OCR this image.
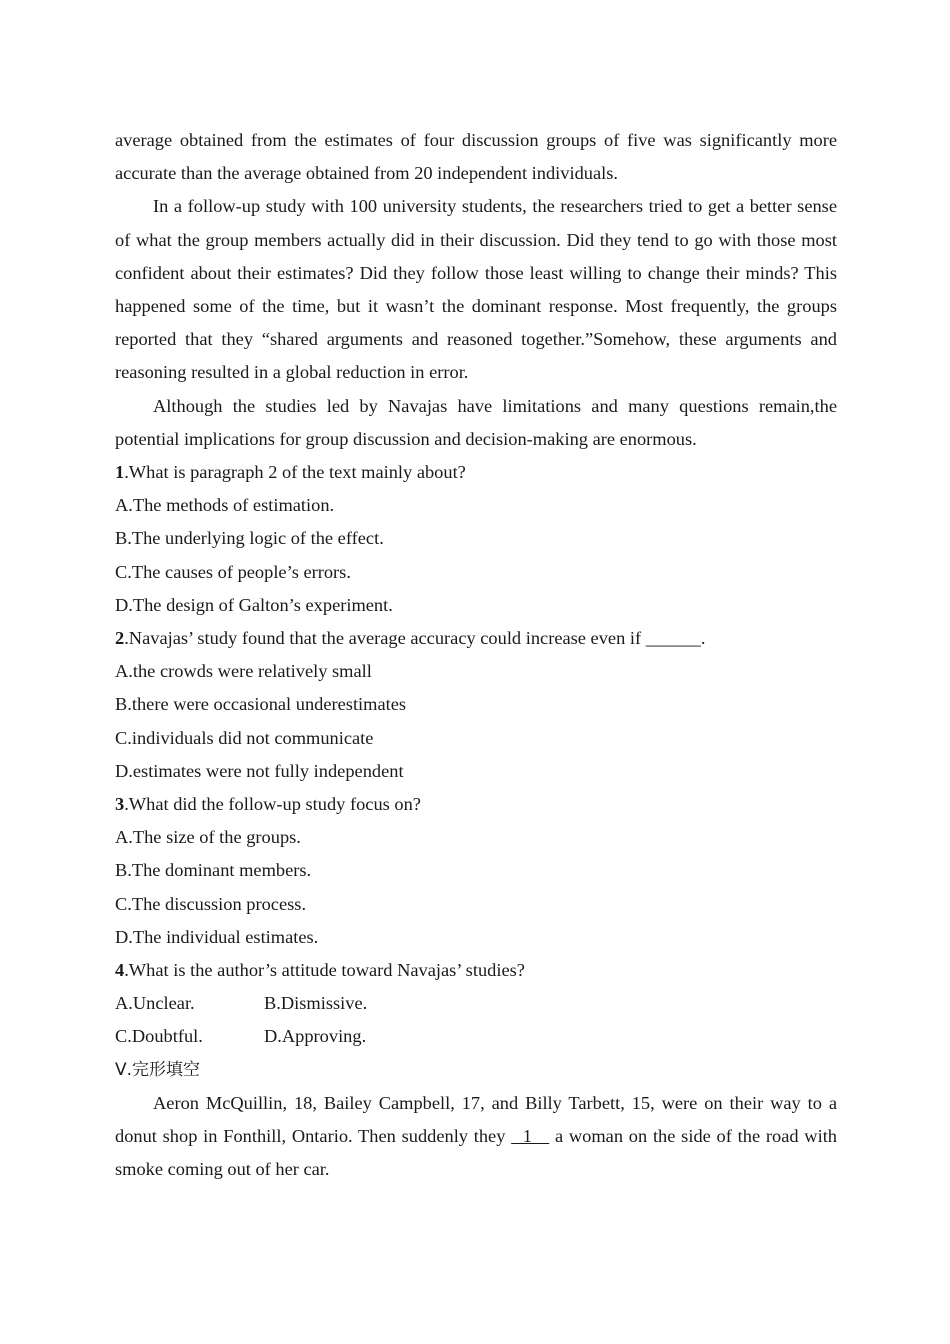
average obtained from the estimates of four discussion groups of five was significantly more accurate than the average obtained from 20 independent individuals.

In a follow-up study with 100 university students, the researchers tried to get a better sense of what the group members actually did in their discussion. Did they tend to go with those most confident about their estimates? Did they follow those least willing to change their minds? This happened some of the time, but it wasn’t the dominant response. Most frequently, the groups reported that they “shared arguments and reasoned together.”Somehow, these arguments and reasoning resulted in a global reduction in error.

Although the studies led by Navajas have limitations and many questions remain,the potential implications for group discussion and decision-making are enormous.

1.What is paragraph 2 of the text mainly about?

A.The methods of estimation.

B.The underlying logic of the effect.

C.The causes of people’s errors.

D.The design of Galton’s experiment.

2.Navajas’ study found that the average accuracy could increase even if ______.

A.the crowds were relatively small

B.there were occasional underestimates

C.individuals did not communicate

D.estimates were not fully independent

3.What did the follow-up study focus on?

A.The size of the groups.

B.The dominant members.

C.The discussion process.

D.The individual estimates.

4.What is the author’s attitude toward Navajas’ studies?

A.Unclear.	B.Dismissive.

C.Doubtful.	D.Approving.

Ⅴ.完形填空

Aeron McQuillin, 18, Bailey Campbell, 17, and Billy Tarbett, 15, were on their way to a donut shop in Fonthill, Ontario. Then suddenly they   1    a woman on the side of the road with smoke coming out of her car.
